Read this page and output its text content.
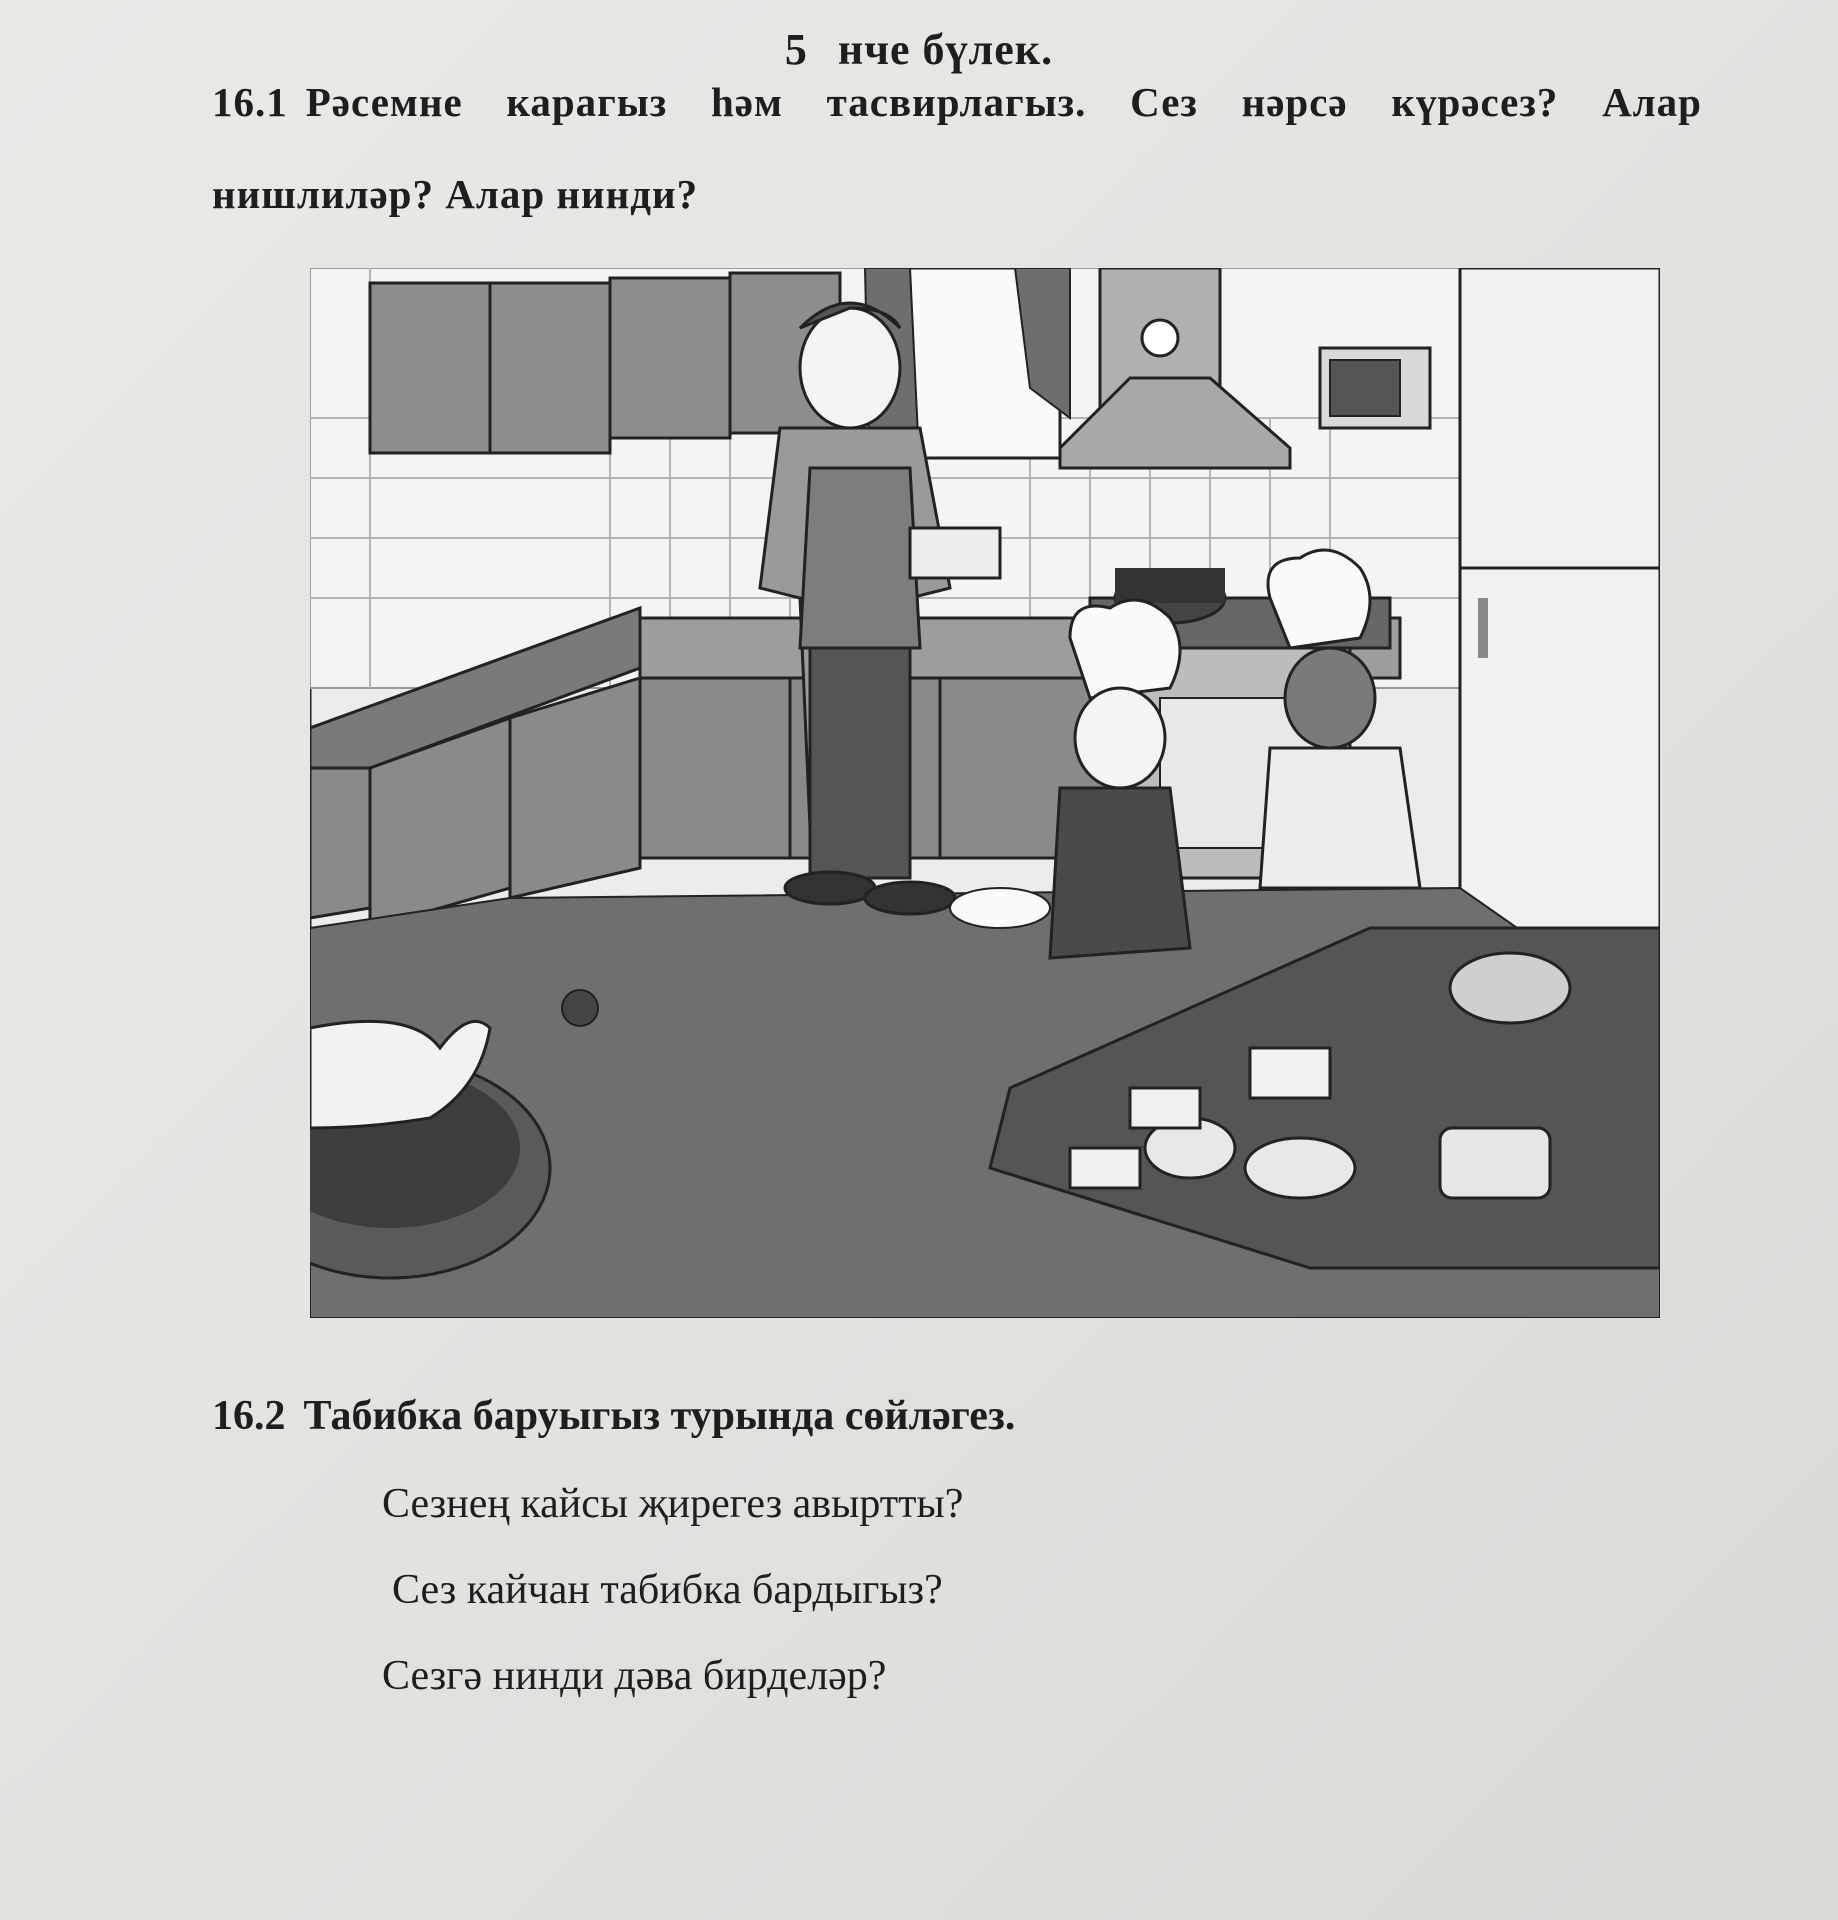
5 нче бүлек.
16.1 Рәсемне карагыз һәм тасвирлагыз. Сез нәрсә күрәсез? Алар нишлиләр? Алар нинди?
16.2 Табибка баруыгыз турында сөйләгез.
Сезнең кайсы җирегез авыртты?
Сез кайчан табибка бардыгыз?
Сезгә нинди дәва бирделәр?
